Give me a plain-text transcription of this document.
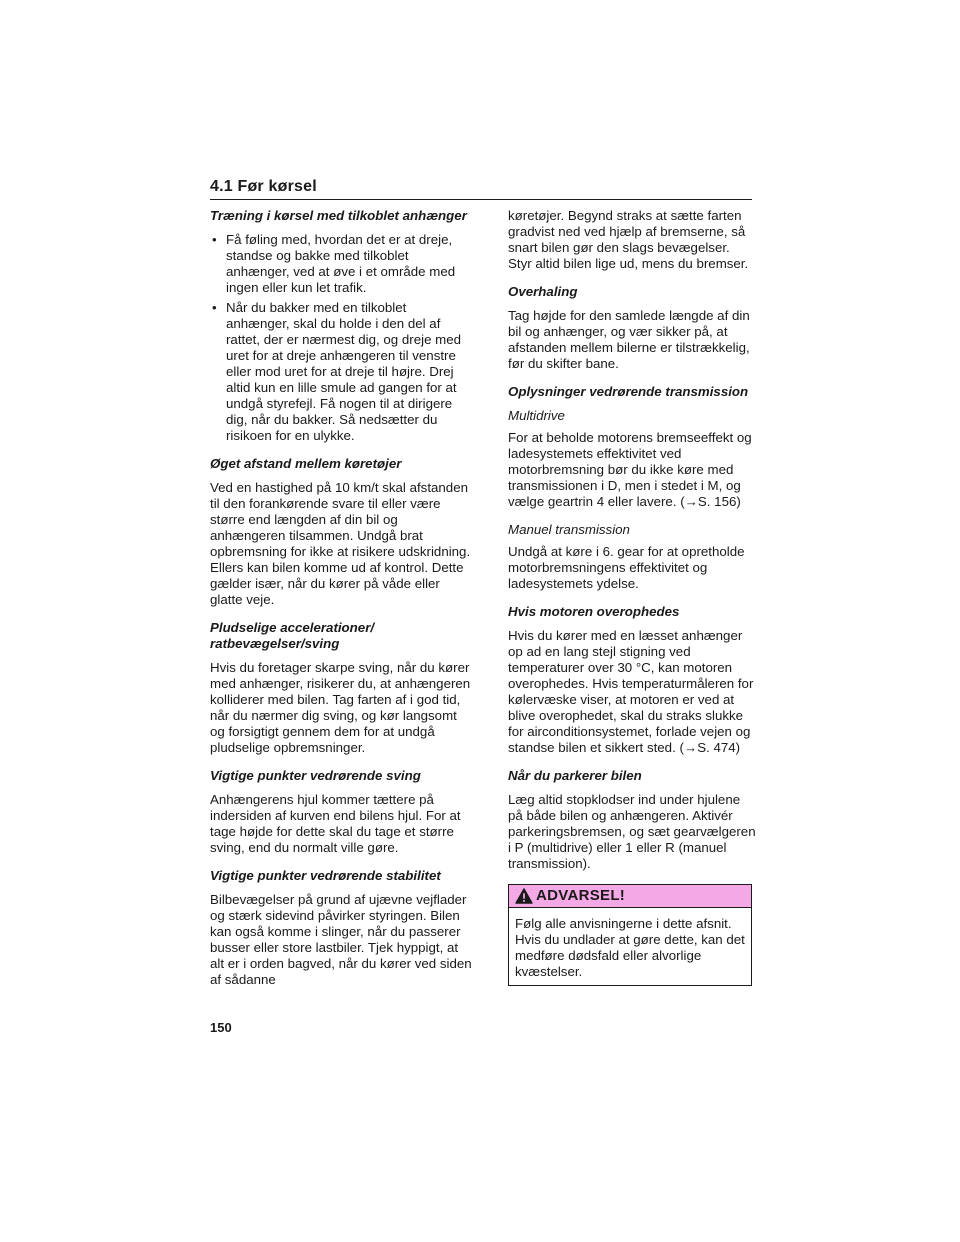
4.1 Før kørsel
Træning i kørsel med tilkoblet anhænger
• Få føling med, hvordan det er at dreje, standse og bakke med tilkoblet anhænger, ved at øve i et område med ingen eller kun let trafik.
• Når du bakker med en tilkoblet anhænger, skal du holde i den del af rattet, der er nærmest dig, og dreje med uret for at dreje anhængeren til venstre eller mod uret for at dreje til højre. Drej altid kun en lille smule ad gangen for at undgå styrefejl. Få nogen til at dirigere dig, når du bakker. Så nedsætter du risikoen for en ulykke.
Øget afstand mellem køretøjer

Ved en hastighed på 10 km/t skal afstanden til den forankørende svare til eller være større end længden af din bil og anhængeren tilsammen. Undgå brat opbremsning for ikke at risikere udskridning. Ellers kan bilen komme ud af kontrol. Dette gælder især, når du kører på våde eller glatte veje.

Pludselige accelerationer/ ratbevægelser/sving

Hvis du foretager skarpe sving, når du kører med anhænger, risikerer du, at anhængeren kolliderer med bilen. Tag farten af i god tid, når du nærmer dig sving, og kør langsomt og forsigtigt gennem dem for at undgå pludselige opbremsninger.

Vigtige punkter vedrørende sving

Anhængerens hjul kommer tættere på indersiden af kurven end bilens hjul. For at tage højde for dette skal du tage et større sving, end du normalt ville gøre.

Vigtige punkter vedrørende stabilitet

Bilbevægelser på grund af ujævne vejflader og stærk sidevind påvirker styringen. Bilen kan også komme i slinger, når du passerer busser eller store lastbiler. Tjek hyppigt, at alt er i orden bagved, når du kører ved siden af sådanne

køretøjer. Begynd straks at sætte farten gradvist ned ved hjælp af bremserne, så snart bilen gør den slags bevægelser. Styr altid bilen lige ud, mens du bremser.

Overhaling

Tag højde for den samlede længde af din bil og anhænger, og vær sikker på, at afstanden mellem bilerne er tilstrækkelig, før du skifter bane.

Oplysninger vedrørende transmission
Multidrive

For at beholde motorens bremseeffekt og ladesystemets effektivitet ved motorbremsning bør du ikke køre med transmissionen i D, men i stedet i M, og vælge geartrin 4 eller lavere. (→S. 156)

Manuel transmission

Undgå at køre i 6. gear for at opretholde motorbremsningens effektivitet og ladesystemets ydelse.

Hvis motoren overophedes

Hvis du kører med en læsset anhænger op ad en lang stejl stigning ved temperaturer over 30 °C, kan motoren overophedes. Hvis temperaturmåleren for kølervæske viser, at motoren er ved at blive overophedet, skal du straks slukke for airconditionsystemet, forlade vejen og standse bilen et sikkert sted. (→S. 474)

Når du parkerer bilen

Læg altid stopklodser ind under hjulene på både bilen og anhængeren. Aktivér parkeringsbremsen, og sæt gearvælgeren i P (multidrive) eller 1 eller R (manuel transmission).

ADVARSEL!

Følg alle anvisningerne i dette afsnit. Hvis du undlader at gøre dette, kan det medføre dødsfald eller alvorlige kvæstelser.

150
